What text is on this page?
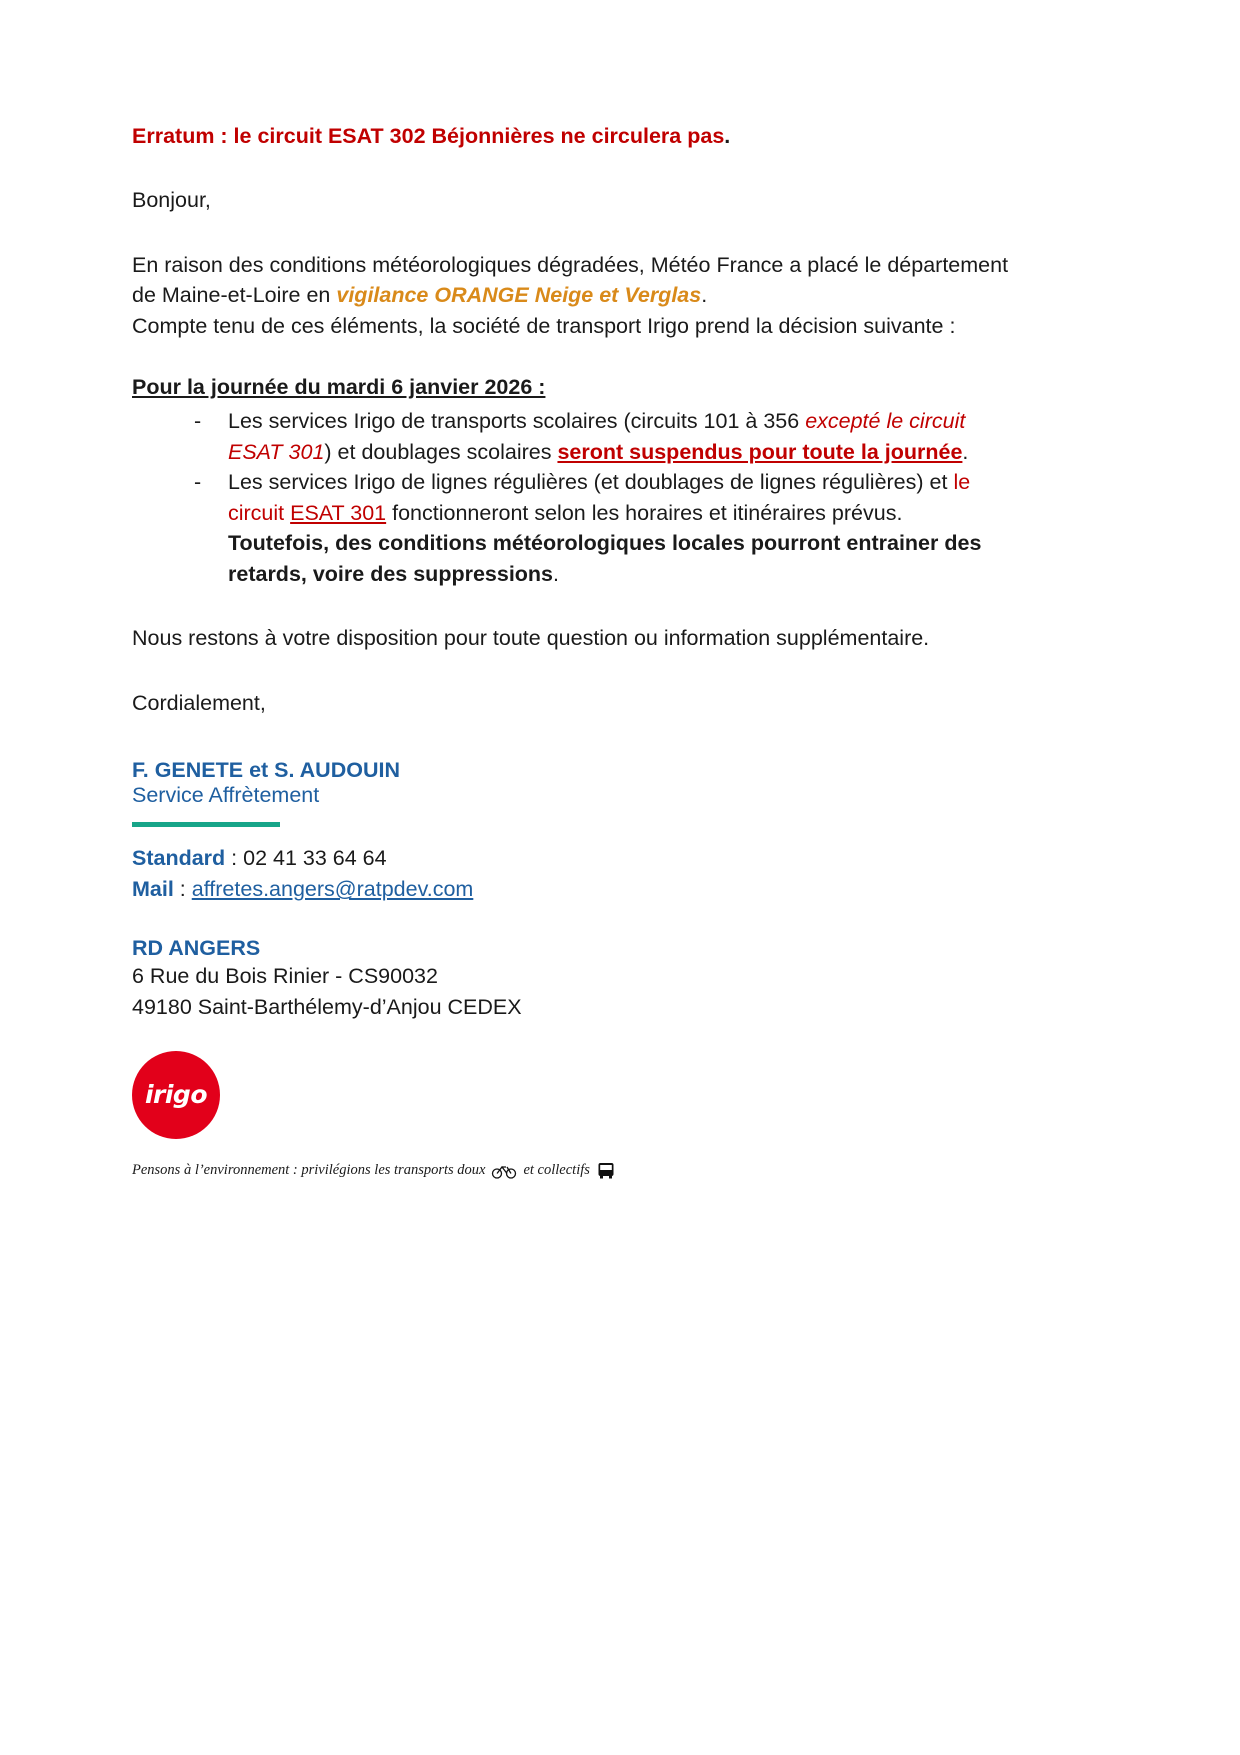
Erratum : le circuit ESAT 302 Béjonnières ne circulera pas.

Bonjour,

En raison des conditions météorologiques dégradées, Météo France a placé le département de Maine-et-Loire en vigilance ORANGE Neige et Verglas.

Compte tenu de ces éléments, la société de transport Irigo prend la décision suivante :

Pour la journée du mardi 6 janvier 2026 :

- Les services Irigo de transports scolaires (circuits 101 à 356 excepté le circuit ESAT 301) et doublages scolaires seront suspendus pour toute la journée.
- Les services Irigo de lignes régulières (et doublages de lignes régulières) et le circuit ESAT 301 fonctionneront selon les horaires et itinéraires prévus.
Toutefois, des conditions météorologiques locales pourront entrainer des retards, voire des suppressions.

Nous restons à votre disposition pour toute question ou information supplémentaire.

Cordialement,

F. GENETE et S. AUDOUIN

Service Affrètement

Standard : 02 41 33 64 64

Mail : affretes.angers@ratpdev.com

RD ANGERS

6 Rue du Bois Rinier - CS90032

49180 Saint-Barthélemy-d’Anjou CEDEX

irigo
Pensons à l’environnement : privilégions les transports doux	et collectifs
